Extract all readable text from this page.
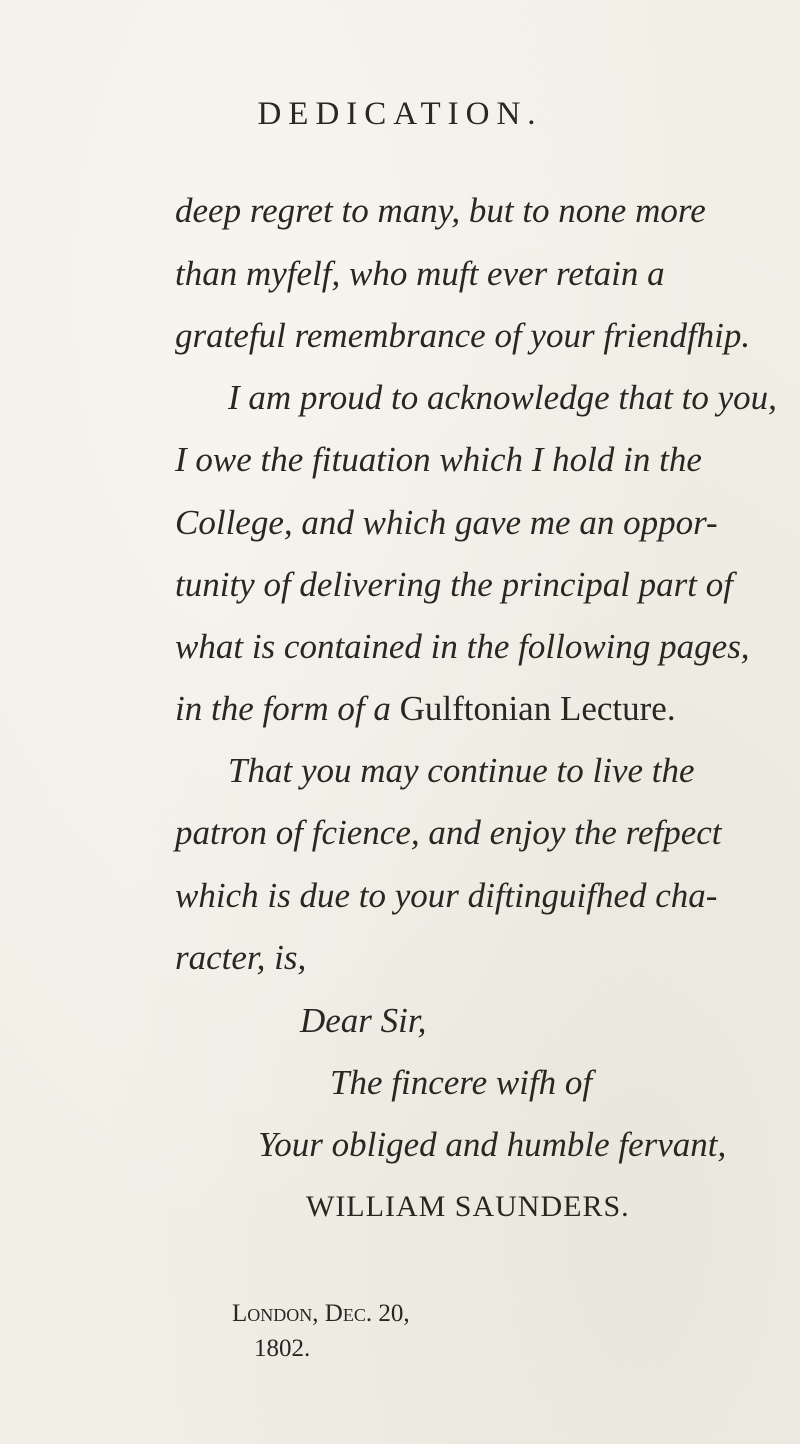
DEDICATION.
deep regret to many, but to none more
than myfelf, who muft ever retain a
grateful remembrance of your friendfhip.
I am proud to acknowledge that to you,
I owe the fituation which I hold in the
College, and which gave me an oppor-
tunity of delivering the principal part of
what is contained in the following pages,
in the form of a Gulftonian Lecture.
That you may continue to live the
patron of fcience, and enjoy the refpect
which is due to your diftinguifhed cha-
racter, is,
Dear Sir,
The fincere wifh of
Your obliged and humble fervant,
WILLIAM SAUNDERS.
London, Dec. 20,
1802.
